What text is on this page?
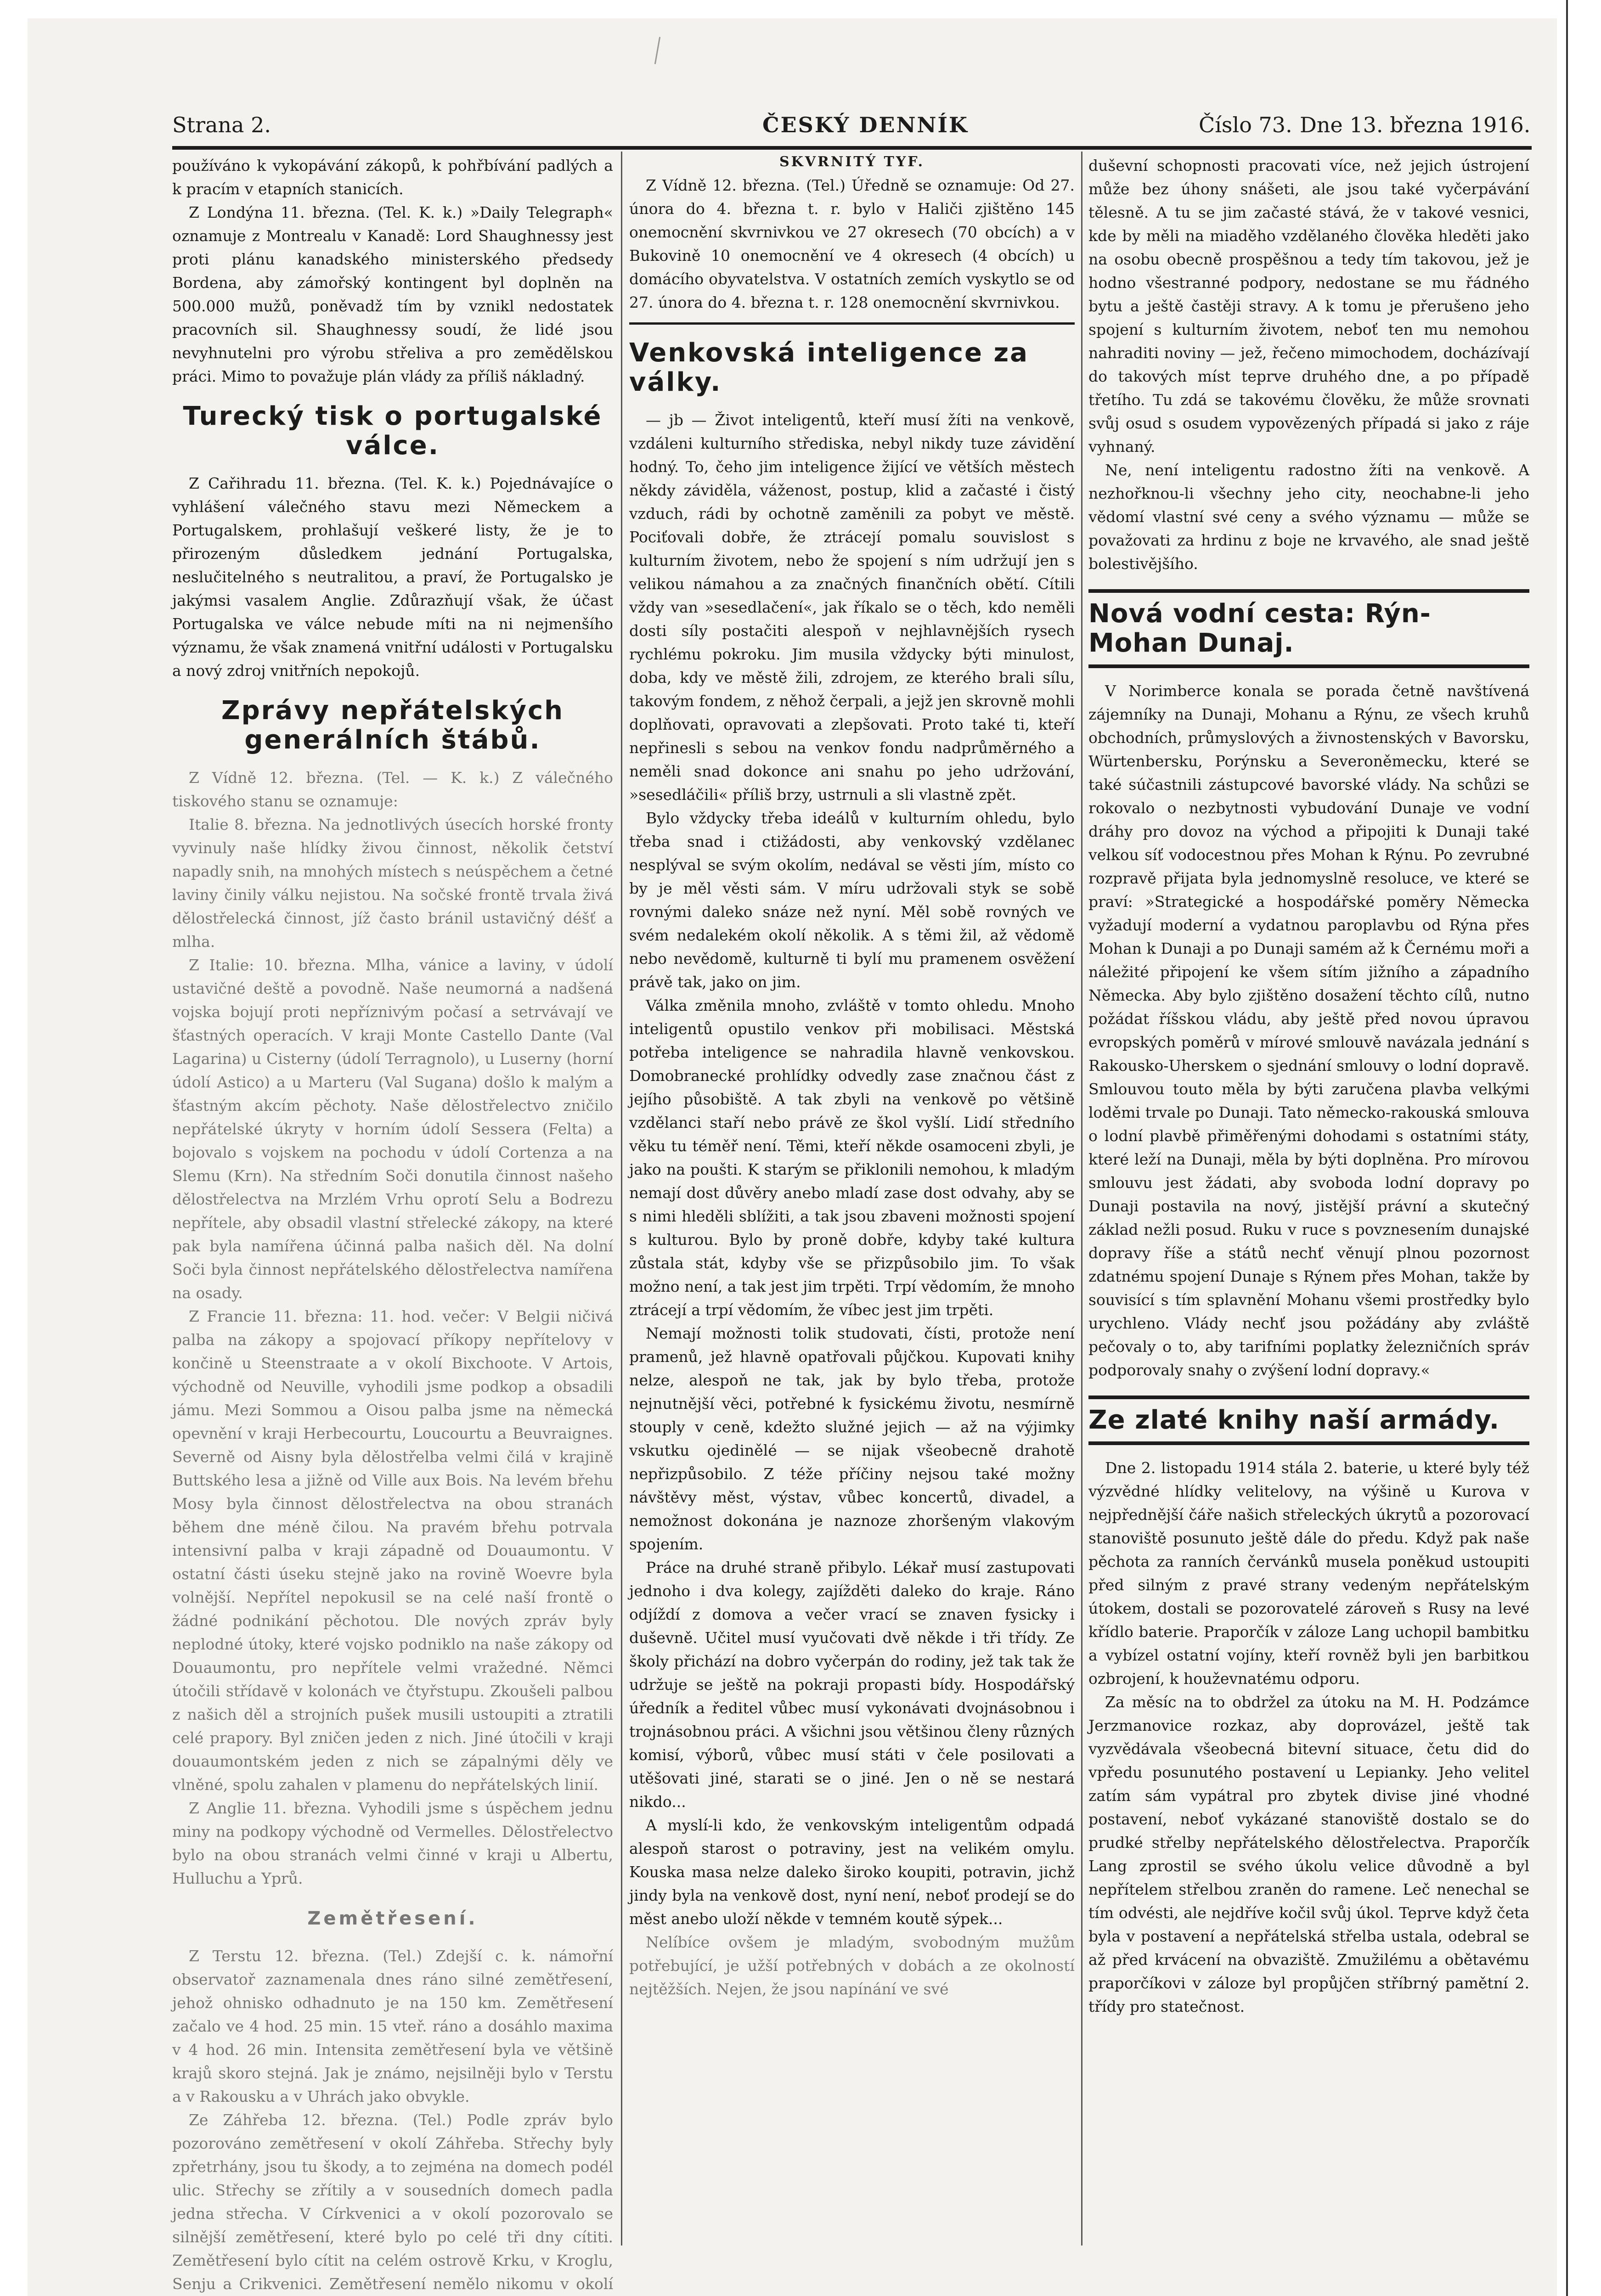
Strana 2.	ČESKÝ DENNÍK	Číslo 73. Dne 13. března 1916.

používáno k vykopávání zákopů, k pohřbívání padlých a k pracím v etapních stanicích.

Z Londýna 11. března. (Tel. K. k.) »Daily Telegraph« oznamuje z Montrealu v Kanadě: Lord Shaughnessy jest proti plánu kanadského ministerského předsedy Bordena, aby zámořský kontingent byl doplněn na 500.000 mužů, poněvadž tím by vznikl nedostatek pracovních sil. Shaughnessy soudí, že lidé jsou nevyhnutelni pro výrobu střeliva a pro zemědělskou práci. Mimo to považuje plán vlády za příliš nákladný.

Turecký tisk o portugalské válce.

Z Cařihradu 11. března. (Tel. K. k.) Pojednávajíce o vyhlášení válečného stavu mezi Německem a Portugalskem, prohlašují veškeré listy, že je to přirozeným důsledkem jednání Portugalska, neslučitelného s neutralitou, a praví, že Portugalsko je jakýmsi vasalem Anglie. Zdůrazňují však, že účast Portugalska ve válce nebude míti na ni nejmenšího významu, že však znamená vnitřní události v Portugalsku a nový zdroj vnitřních nepokojů.

Zprávy nepřátelských generálních štábů.

Z Vídně 12. března. (Tel. — K. k.) Z válečného tiskového stanu se oznamuje:

Italie 8. března. Na jednotlivých úsecích horské fronty vyvinuly naše hlídky živou činnost, několik četství napadly snih, na mnohých místech s neúspěchem a četné laviny činily válku nejistou. Na sočské frontě trvala živá dělostřelecká činnost, jíž často bránil ustavičný déšť a mlha.

Z Italie: 10. března. Mlha, vánice a laviny, v údolí ustavičné deště a povodně. Naše neumorná a nadšená vojska bojují proti nepříznivým počasí a setrvávají ve šťastných operacích. V kraji Monte Castello Dante (Val Lagarina) u Cisterny (údolí Terragnolo), u Luserny (horní údolí Astico) a u Marteru (Val Sugana) došlo k malým a šťastným akcím pěchoty. Naše dělostřelectvo zničilo nepřátelské úkryty v horním údolí Sessera (Felta) a bojovalo s vojskem na pochodu v údolí Cortenza a na Slemu (Krn). Na středním Soči donutila činnost našeho dělostřelectva na Mrzlém Vrhu oprotí Selu a Bodrezu nepřítele, aby obsadil vlastní střelecké zákopy, na které pak byla namířena účinná palba našich děl. Na dolní Soči byla činnost nepřátelského dělostřelectva namířena na osady.

Z Francie 11. března: 11. hod. večer: V Belgii ničivá palba na zákopy a spojovací příkopy nepřítelovy v končině u Steenstraate a v okolí Bixchoote. V Artois, východně od Neuville, vyhodili jsme podkop a obsadili jámu. Mezi Sommou a Oisou palba jsme na německá opevnění v kraji Herbecourtu, Loucourtu a Beuvraignes. Severně od Aisny byla dělostřelba velmi čilá v krajině Buttského lesa a jižně od Ville aux Bois. Na levém břehu Mosy byla činnost dělostřelectva na obou stranách během dne méně čilou. Na pravém břehu potrvala intensivní palba v kraji západně od Douaumontu. V ostatní části úseku stejně jako na rovině Woevre byla volnější. Nepřítel nepokusil se na celé naší frontě o žádné podnikání pěchotou. Dle nových zpráv byly neplodné útoky, které vojsko podniklo na naše zákopy od Douaumontu, pro nepřítele velmi vražedné. Němci útočili střídavě v kolonách ve čtyřstupu. Zkoušeli palbou z našich děl a strojních pušek musili ustoupiti a ztratili celé prapory. Byl zničen jeden z nich. Jiné útočili v kraji douaumontském jeden z nich se zápalnými děly ve vlněné, spolu zahalen v plamenu do nepřátelských linií.

Z Anglie 11. března. Vyhodili jsme s úspěchem jednu miny na podkopy východně od Vermelles. Dělostřelectvo bylo na obou stranách velmi činné v kraji u Albertu, Hulluchu a Yprů.

Zemětřesení.

Z Terstu 12. března. (Tel.) Zdejší c. k. námořní observatoř zaznamenala dnes ráno silné zemětřesení, jehož ohnisko odhadnuto je na 150 km. Zemětřesení začalo ve 4 hod. 25 min. 15 vteř. ráno a dosáhlo maxima v 4 hod. 26 min. Intensita zemětřesení byla ve většině krajů skoro stejná. Jak je známo, nejsilněji bylo v Terstu a v Rakousku a v Uhrách jako obvykle.

Ze Záhřeba 12. března. (Tel.) Podle zpráv bylo pozorováno zemětřesení v okolí Záhřeba. Střechy byly zpřetrhány, jsou tu škody, a to zejména na domech podél ulic. Střechy se zřítily a v sousedních domech padla jedna střecha. V Církvenici a v okolí pozorovalo se silnější zemětřesení, které bylo po celé tři dny cítiti. Zemětřesení bylo cítit na celém ostrově Krku, v Kroglu, Senju a Crikvenici. Zemětřesení nemělo nikomu v okolí

SKVRNITÝ TYF.

Z Vídně 12. března. (Tel.) Úředně se oznamuje: Od 27. února do 4. března t. r. bylo v Haliči zjištěno 145 onemocnění skvrnivkou ve 27 okresech (70 obcích) a v Bukovině 10 onemocnění ve 4 okresech (4 obcích) u domácího obyvatelstva. V ostatních zemích vyskytlo se od 27. února do 4. března t. r. 128 onemocnění skvrnivkou.

Venkovská inteligence za války.

— jb — Život inteligentů, kteří musí žíti na venkově, vzdáleni kulturního střediska, nebyl nikdy tuze závidění hodný. To, čeho jim inteligence žijící ve větších městech někdy záviděla, váženost, postup, klid a začasté i čistý vzduch, rádi by ochotně zaměnili za pobyt ve městě. Pociťovali dobře, že ztrácejí pomalu souvislost s kulturním životem, nebo že spojení s ním udržují jen s velikou námahou a za značných finančních obětí. Cítili vždy van »sesedlačení«, jak říkalo se o těch, kdo neměli dosti síly postačiti alespoň v nejhlavnějších rysech rychlému pokroku. Jim musila vždycky býti minulost, doba, kdy ve městě žili, zdrojem, ze kterého brali sílu, takovým fondem, z něhož čerpali, a jejž jen skrovně mohli doplňovati, opravovati a zlepšovati. Proto také ti, kteří nepřinesli s sebou na venkov fondu nadprůměrného a neměli snad dokonce ani snahu po jeho udržování, »sesedláčili« příliš brzy, ustrnuli a sli vlastně zpět.

Bylo vždycky třeba ideálů v kulturním ohledu, bylo třeba snad i ctižádosti, aby venkovský vzdělanec nesplýval se svým okolím, nedával se věsti jím, místo co by je měl věsti sám. V míru udržovali styk se sobě rovnými daleko snáze než nyní. Měl sobě rovných ve svém nedalekém okolí několik. A s těmi žil, až vědomě nebo nevědomě, kulturně ti bylí mu pramenem osvěžení právě tak, jako on jim.

Válka změnila mnoho, zvláště v tomto ohledu. Mnoho inteligentů opustilo venkov při mobilisaci. Městská potřeba inteligence se nahradila hlavně venkovskou. Domobranecké prohlídky odvedly zase značnou část z jejího působiště. A tak zbyli na venkově po většině vzdělanci staří nebo právě ze škol vyšlí. Lidí středního věku tu téměř není. Těmi, kteří někde osamoceni zbyli, je jako na poušti. K starým se přiklonili nemohou, k mladým nemají dost důvěry anebo mladí zase dost odvahy, aby se s nimi hleděli sblížiti, a tak jsou zbaveni možnosti spojení s kulturou. Bylo by proně dobře, kdyby také kultura zůstala stát, kdyby vše se přizpůsobilo jim. To však možno není, a tak jest jim trpěti. Trpí vědomím, že mnoho ztrácejí a trpí vědomím, že víbec jest jim trpěti.

Nemají možnosti tolik studovati, čísti, protože není pramenů, jež hlavně opatřovali půjčkou. Kupovati knihy nelze, alespoň ne tak, jak by bylo třeba, protože nejnutnější věci, potřebné k fysickému životu, nesmírně stouply v ceně, kdežto služné jejich — až na výjimky vskutku ojedinělé — se nijak všeobecně drahotě nepřizpůsobilo. Z téže příčiny nejsou také možny návštěvy měst, výstav, vůbec koncertů, divadel, a nemožnost dokonána je naznoze zhoršeným vlakovým spojením.

Práce na druhé straně přibylo. Lékař musí zastupovati jednoho i dva kolegy, zajížděti daleko do kraje. Ráno odjíždí z domova a večer vrací se znaven fysicky i duševně. Učitel musí vyučovati dvě někde i tři třídy. Ze školy přichází na dobro vyčerpán do rodiny, jež tak tak že udržuje se ještě na pokraji propasti bídy. Hospodářský úředník a ředitel vůbec musí vykonávati dvojnásobnou i trojnásobnou práci. A všichni jsou většinou členy různých komisí, výborů, vůbec musí státi v čele posilovati a utěšovati jiné, starati se o jiné. Jen o ně se nestará nikdo...

A myslí-li kdo, že venkovským inteligentům odpadá alespoň starost o potraviny, jest na velikém omylu. Kouska masa nelze daleko široko koupiti, potravin, jichž jindy byla na venkově dost, nyní není, neboť prodejí se do měst anebo uloží někde v temném koutě sýpek...

Nelíbíce ovšem je mladým, svobodným mužům potřebující, je užší potřebných v dobách a ze okolností nejtěžších. Nejen, že jsou napínání ve své

duševní schopnosti pracovati více, než jejich ústrojení může bez úhony snášeti, ale jsou také vyčerpávání tělesně. A tu se jim začasté stává, že v takové vesnici, kde by měli na miaděho vzdělaného člověka hleděti jako na osobu obecně prospěšnou a tedy tím takovou, jež je hodno všestranné podpory, nedostane se mu řádného bytu a ještě častěji stravy. A k tomu je přerušeno jeho spojení s kulturním životem, neboť ten mu nemohou nahraditi noviny — jež, řečeno mimochodem, docházívají do takových míst teprve druhého dne, a po případě třetího. Tu zdá se takovému člověku, že může srovnati svůj osud s osudem vypovězených případá si jako z ráje vyhnaný.

Ne, není inteligentu radostno žíti na venkově. A nezhořknou-li všechny jeho city, neochabne-li jeho vědomí vlastní své ceny a svého významu — může se považovati za hrdinu z boje ne krvavého, ale snad ještě bolestivějšího.

Nová vodní cesta: Rýn-Mohan Dunaj.

V Norimberce konala se porada četně navštívená zájemníky na Dunaji, Mohanu a Rýnu, ze všech kruhů obchodních, průmyslových a živnostenských v Bavorsku, Würtenbersku, Porýnsku a Severoněmecku, které se také súčastnili zástupcové bavorské vlády. Na schůzi se rokovalo o nezbytnosti vybudování Dunaje ve vodní dráhy pro dovoz na východ a připojiti k Dunaji také velkou síť vodocestnou přes Mohan k Rýnu. Po zevrubné rozpravě přijata byla jednomyslně resoluce, ve které se praví: »Strategické a hospodářské poměry Německa vyžadují moderní a vydatnou paroplavbu od Rýna přes Mohan k Dunaji a po Dunaji samém až k Černému moři a náležité připojení ke všem sítím jižního a západního Německa. Aby bylo zjištěno dosažení těchto cílů, nutno požádat říšskou vládu, aby ještě před novou úpravou evropských poměrů v mírové smlouvě navázala jednání s Rakousko-Uherskem o sjednání smlouvy o lodní dopravě. Smlouvou touto měla by býti zaručena plavba velkými loděmi trvale po Dunaji. Tato německo-rakouská smlouva o lodní plavbě přiměřenými dohodami s ostatními státy, které leží na Dunaji, měla by býti doplněna. Pro mírovou smlouvu jest žádati, aby svoboda lodní dopravy po Dunaji postavila na nový, jistější právní a skutečný základ nežli posud. Ruku v ruce s povznesením dunajské dopravy říše a států nechť věnují plnou pozornost zdatnému spojení Dunaje s Rýnem přes Mohan, takže by souvisící s tím splavnění Mohanu všemi prostředky bylo urychleno. Vlády nechť jsou požádány aby zvláště pečovaly o to, aby tarifními poplatky železničních správ podporovaly snahy o zvýšení lodní dopravy.«

Ze zlaté knihy naší armády.

Dne 2. listopadu 1914 stála 2. baterie, u které byly též výzvědné hlídky velitelovy, na výšině u Kurova v nejpřednější čáře našich střeleckých úkrytů a pozorovací stanoviště posunuto ještě dále do předu. Když pak naše pěchota za ranních červánků musela poněkud ustoupiti před silným z pravé strany vedeným nepřátelským útokem, dostali se pozorovatelé zároveň s Rusy na levé křídlo baterie. Praporčík v záloze Lang uchopil bambitku a vybízel ostatní vojíny, kteří rovněž byli jen barbitkou ozbrojení, k houževnatému odporu.

Za měsíc na to obdržel za útoku na M. H. Podzámce Jerzmanovice rozkaz, aby doprovázel, ještě tak vyzvědávala všeobecná bitevní situace, četu did do vpředu posunutého postavení u Lepianky. Jeho velitel zatím sám vypátral pro zbytek divise jiné vhodné postavení, neboť vykázané stanoviště dostalo se do prudké střelby nepřátelského dělostřelectva. Praporčík Lang zprostil se svého úkolu velice důvodně a byl nepřítelem střelbou zraněn do ramene. Leč nenechal se tím odvésti, ale nejdříve kočil svůj úkol. Teprve když četa byla v postavení a nepřátelská střelba ustala, odebral se až před krvácení na obvaziště. Zmužilému a obětavému praporčíkovi v záloze byl propůjčen stříbrný pamětní 2. třídy pro statečnost.
